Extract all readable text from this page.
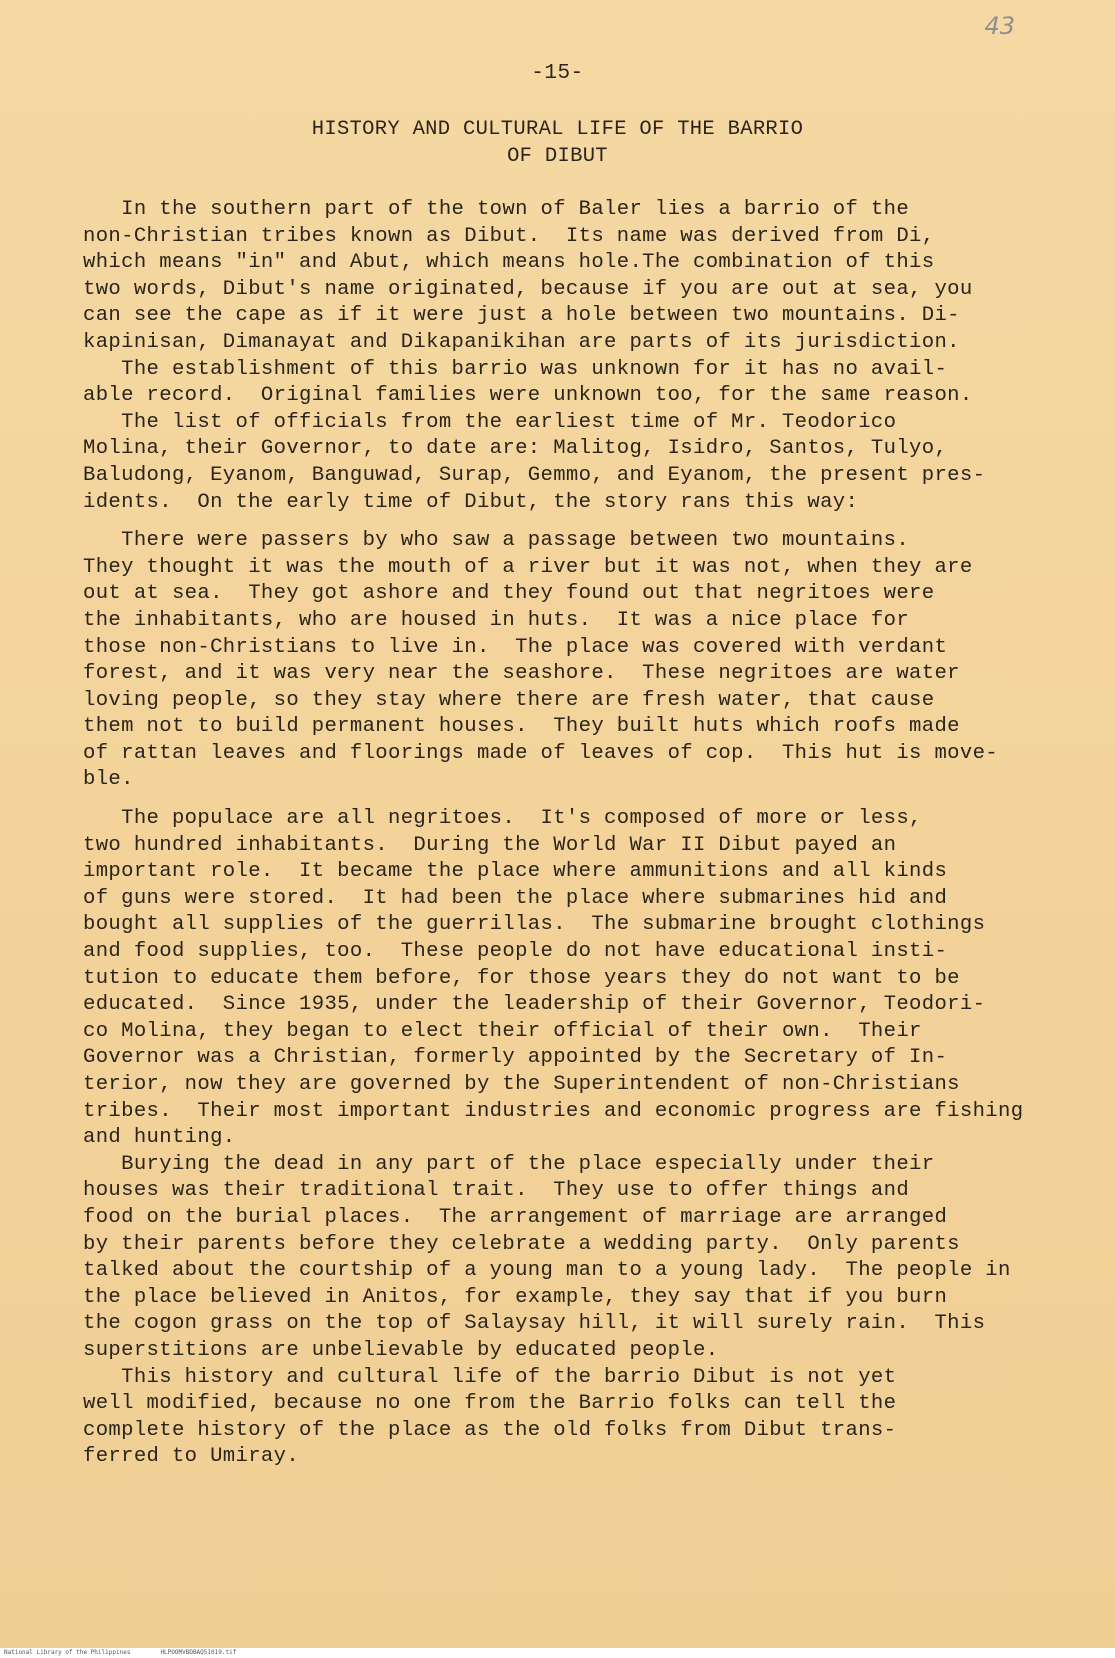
43
-15-
HISTORY AND CULTURAL LIFE OF THE BARRIO
OF DIBUT
In the southern part of the town of Baler lies a barrio of the
non-Christian tribes known as Dibut.  Its name was derived from Di,
which means "in" and Abut, which means hole.The combination of this
two words, Dibut's name originated, because if you are out at sea, you
can see the cape as if it were just a hole between two mountains. Di-
kapinisan, Dimanayat and Dikapanikihan are parts of its jurisdiction.
The establishment of this barrio was unknown for it has no avail-
able record.  Original families were unknown too, for the same reason.
The list of officials from the earliest time of Mr. Teodorico
Molina, their Governor, to date are: Malitog, Isidro, Santos, Tulyo,
Baludong, Eyanom, Banguwad, Surap, Gemmo, and Eyanom, the present pres-
idents.  On the early time of Dibut, the story rans this way:
There were passers by who saw a passage between two mountains.
They thought it was the mouth of a river but it was not, when they are
out at sea.  They got ashore and they found out that negritoes were
the inhabitants, who are housed in huts.  It was a nice place for
those non-Christians to live in.  The place was covered with verdant
forest, and it was very near the seashore.  These negritoes are water
loving people, so they stay where there are fresh water, that cause
them not to build permanent houses.  They built huts which roofs made
of rattan leaves and floorings made of leaves of cop.  This hut is move-
ble.
The populace are all negritoes.  It's composed of more or less,
two hundred inhabitants.  During the World War II Dibut payed an
important role.  It became the place where ammunitions and all kinds
of guns were stored.  It had been the place where submarines hid and
bought all supplies of the guerrillas.  The submarine brought clothings
and food supplies, too.  These people do not have educational insti-
tution to educate them before, for those years they do not want to be
educated.  Since 1935, under the leadership of their Governor, Teodori-
co Molina, they began to elect their official of their own.  Their
Governor was a Christian, formerly appointed by the Secretary of In-
terior, now they are governed by the Superintendent of non-Christians
tribes.  Their most important industries and economic progress are fishing
and hunting.
Burying the dead in any part of the place especially under their
houses was their traditional trait.  They use to offer things and
food on the burial places.  The arrangement of marriage are arranged
by their parents before they celebrate a wedding party.  Only parents
talked about the courtship of a young man to a young lady.  The people in
the place believed in Anitos, for example, they say that if you burn
the cogon grass on the top of Salaysay hill, it will surely rain.  This
superstitions are unbelievable by educated people.
This history and cultural life of the barrio Dibut is not yet
well modified, because no one from the Barrio folks can tell the
complete history of the place as the old folks from Dibut trans-
ferred to Umiray.
National Library of the Philippines	HLPOOMVBDBAQ51019.tif
